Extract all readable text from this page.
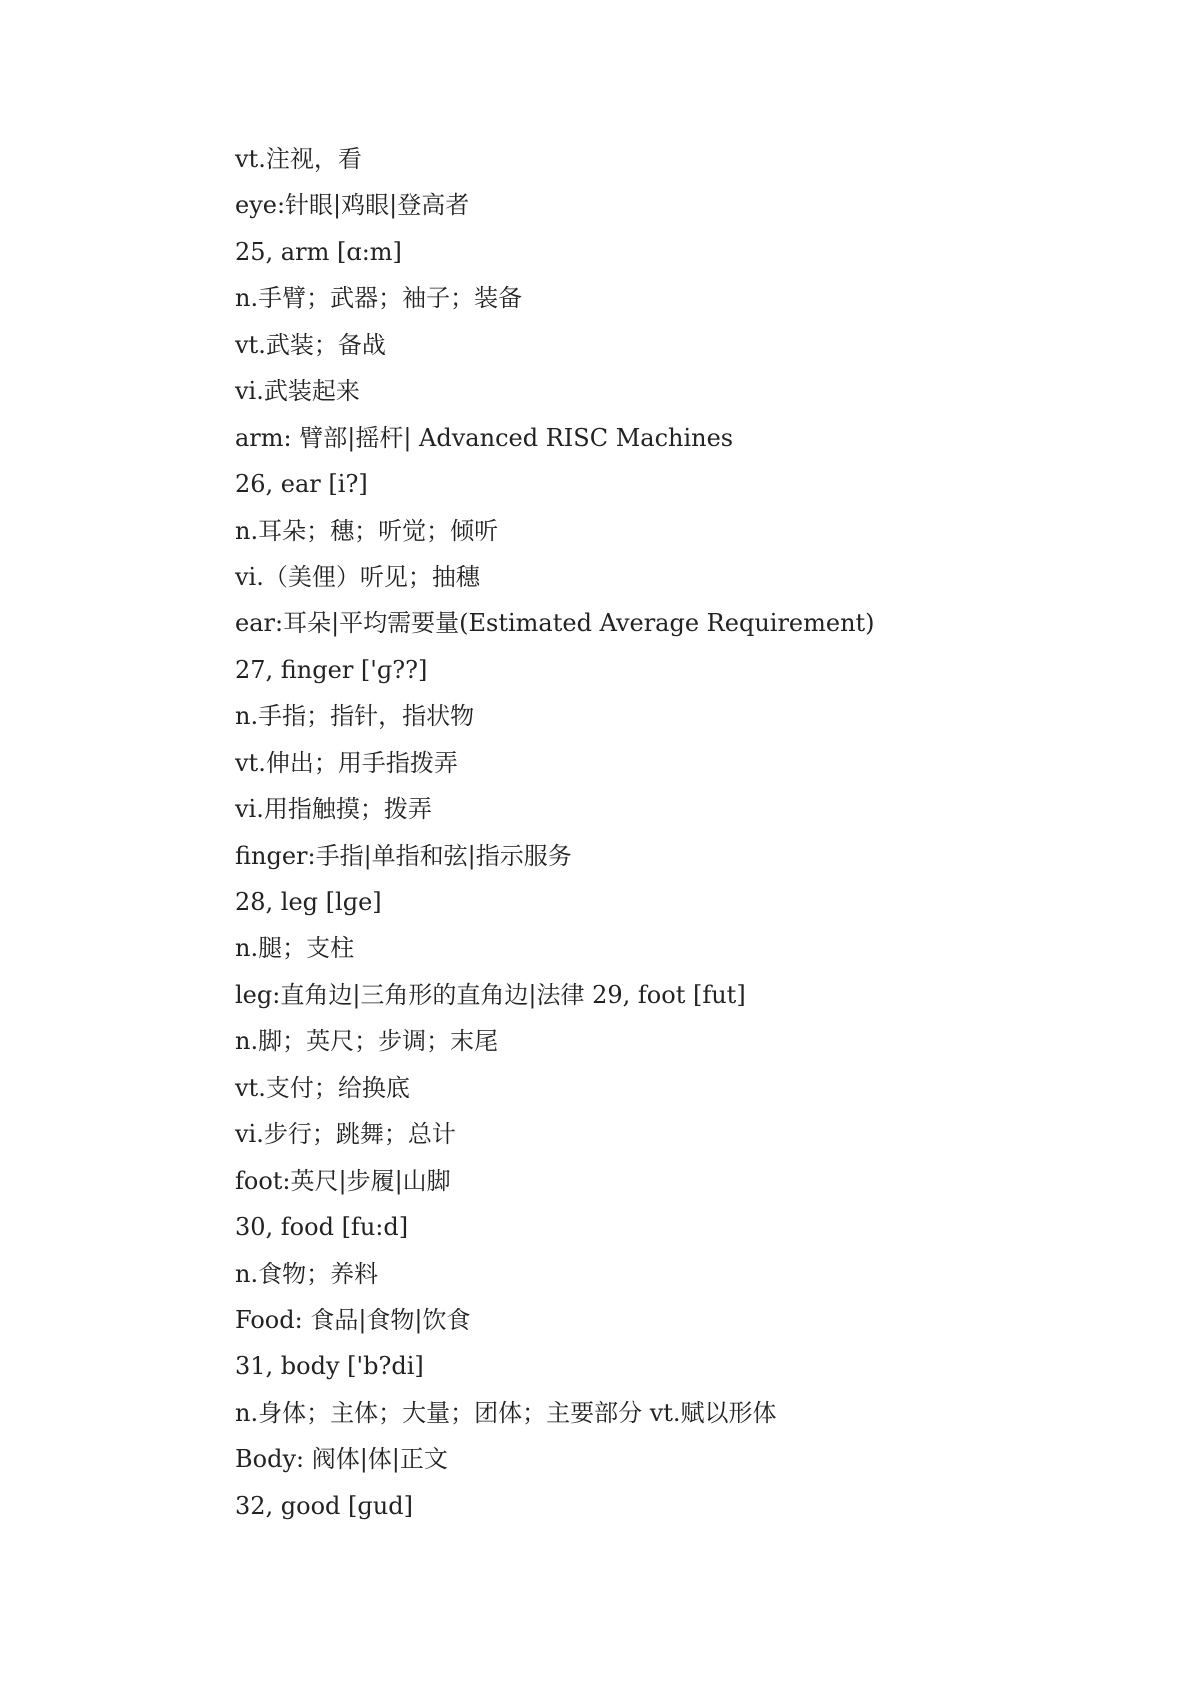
vt.注视，看
eye:针眼|鸡眼|登高者
25, arm [ɑ:m]
n.手臂；武器；袖子；装备
vt.武装；备战
vi.武装起来
arm: 臂部|摇杆| Advanced RISC Machines
26, ear [i?]
n.耳朵；穗；听觉；倾听
vi.（美俚）听见；抽穗
ear:耳朵|平均需要量(Estimated Average Requirement)
27, finger ['ɡ??]
n.手指；指针，指状物
vt.伸出；用手指拨弄
vi.用指触摸；拨弄
finger:手指|单指和弦|指示服务
28, leg [lɡe]
n.腿；支柱
leg:直角边|三角形的直角边|法律 29, foot [fut]
n.脚；英尺；步调；末尾
vt.支付；给换底
vi.步行；跳舞；总计
foot:英尺|步履|山脚
30, food [fu:d]
n.食物；养料
Food: 食品|食物|饮食
31, body ['b?di]
n.身体；主体；大量；团体；主要部分 vt.赋以形体
Body: 阀体|体|正文
32, good [ɡud]
